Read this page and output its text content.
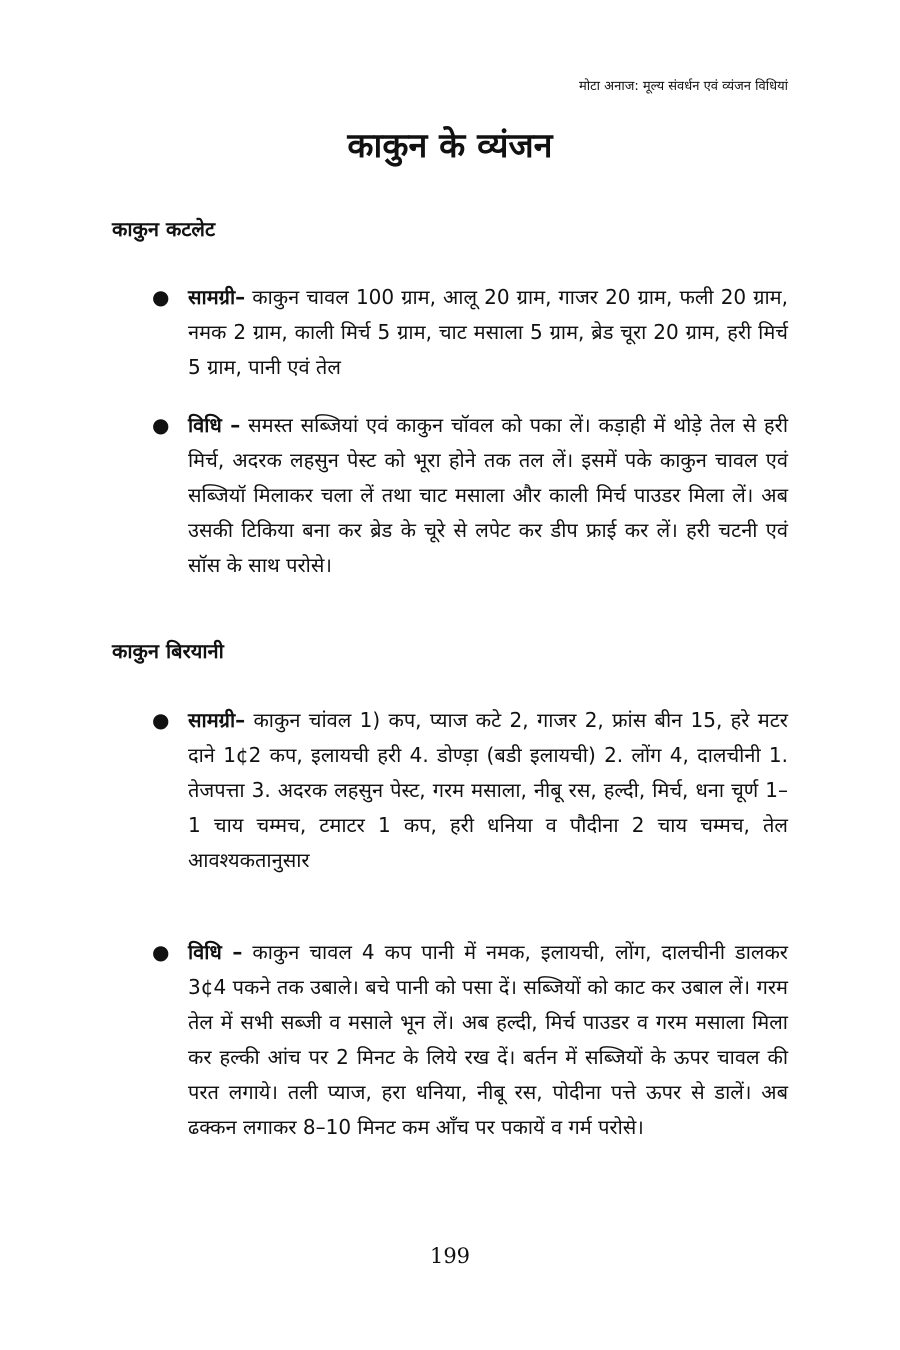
मोटा अनाज: मूल्य संवर्धन एवं व्यंजन विधियां
काकुन के व्यंजन
काकुन कटलेट
● सामग्री– काकुन चावल 100 ग्राम, आलू 20 ग्राम, गाजर 20 ग्राम, फली 20 ग्राम, नमक 2 ग्राम, काली मिर्च 5 ग्राम, चाट मसाला 5 ग्राम, ब्रेड चूरा 20 ग्राम, हरी मिर्च 5 ग्राम, पानी एवं तेल
● विधि – समस्त सब्जियां एवं काकुन चॉवल को पका लें। कड़ाही में थोड़े तेल से हरी मिर्च, अदरक लहसुन पेस्ट को भूरा होने तक तल लें। इसमें पके काकुन चावल एवं सब्जियॉ मिलाकर चला लें तथा चाट मसाला और काली मिर्च पाउडर मिला लें। अब उसकी टिकिया बना कर ब्रेड के चूरे से लपेट कर डीप फ्राई कर लें। हरी चटनी एवं सॉस के साथ परोसे।
काकुन बिरयानी
● सामग्री– काकुन चांवल 1) कप, प्याज कटे 2, गाजर 2, फ्रांस बीन 15, हरे मटर दाने 1¢2 कप, इलायची हरी 4. डोण्ड़ा (बडी इलायची) 2. लोंग 4, दालचीनी 1. तेजपत्ता 3. अदरक लहसुन पेस्ट, गरम मसाला, नीबू रस, हल्दी, मिर्च, धना चूर्ण 1–1 चाय चम्मच, टमाटर 1 कप, हरी धनिया व पौदीना 2 चाय चम्मच, तेल आवश्यकतानुसार
● विधि – काकुन चावल 4 कप पानी में नमक, इलायची, लोंग, दालचीनी डालकर 3¢4 पकने तक उबाले। बचे पानी को पसा दें। सब्जियों को काट कर उबाल लें। गरम तेल में सभी सब्जी व मसाले भून लें। अब हल्दी, मिर्च पाउडर व गरम मसाला मिला कर हल्की आंच पर 2 मिनट के लिये रख दें। बर्तन में सब्जियों के ऊपर चावल की परत लगाये। तली प्याज, हरा धनिया, नीबू रस, पोदीना पत्ते ऊपर से डालें। अब ढक्कन लगाकर 8–10 मिनट कम आँच पर पकायें व गर्म परोसे।
199
